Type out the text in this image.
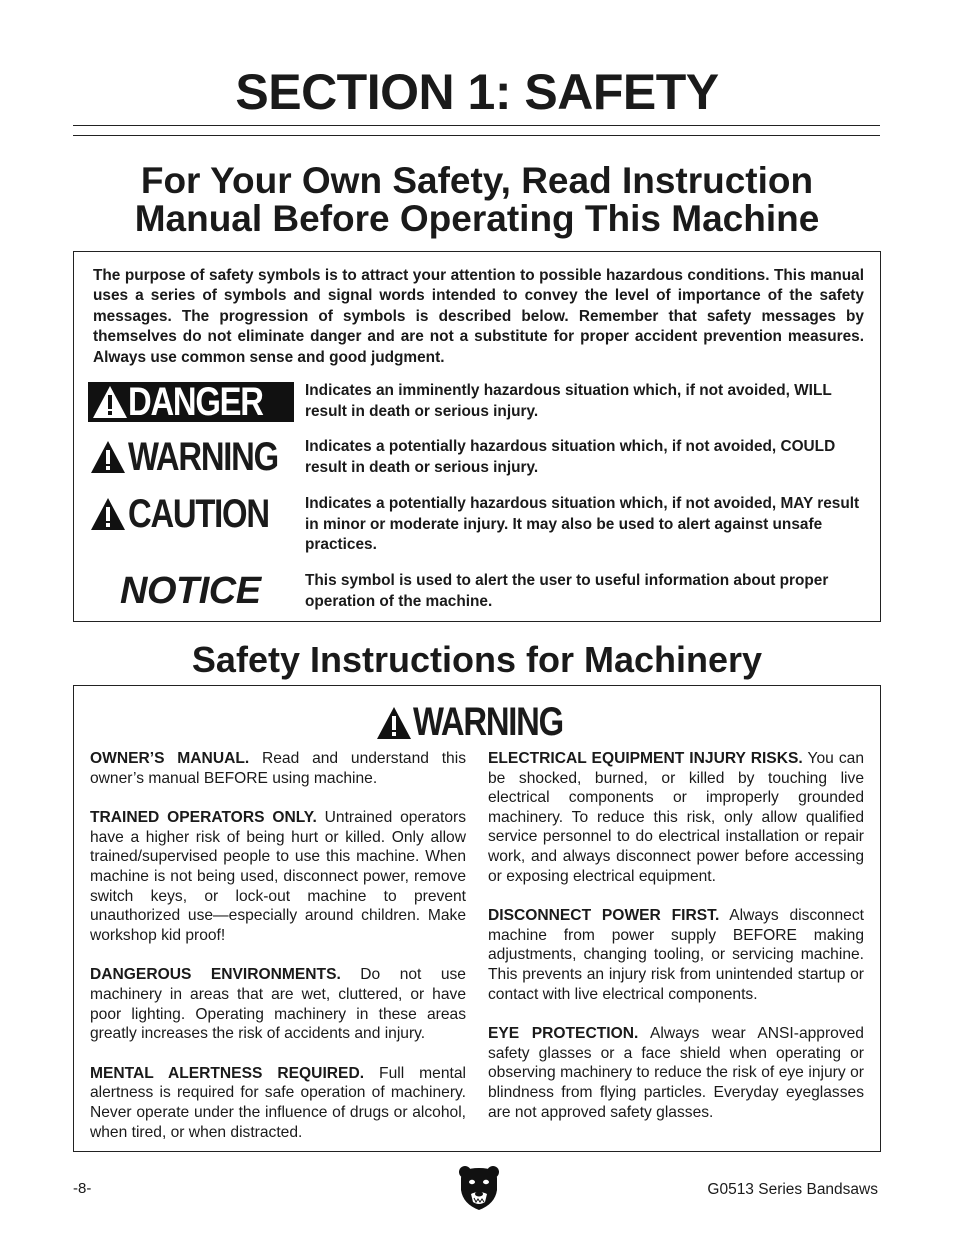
SECTION 1: SAFETY
For Your Own Safety, Read Instruction
Manual Before Operating This Machine
The purpose of safety symbols is to attract your attention to possible hazardous conditions. This manual uses a series of symbols and signal words intended to convey the level of importance of the safety messages. The progression of symbols is described below. Remember that safety messages by themselves do not eliminate danger and are not a substitute for proper accident prevention measures. Always use common sense and good judgment.
DANGER	Indicates an imminently hazardous situation which, if not avoided, WILL result in death or serious injury.
WARNING Indicates a potentially hazardous situation which, if not avoided, COULD result in death or serious injury.
CAUTION Indicates a potentially hazardous situation which, if not avoided, MAY result in minor or moderate injury. It may also be used to alert against unsafe practices.
NOTICE	This symbol is used to alert the user to useful information about proper operation of the machine.
Safety Instructions for Machinery
WARNING

OWNER’S MANUAL. Read and understand this owner’s manual BEFORE using machine.

TRAINED OPERATORS ONLY. Untrained operators have a higher risk of being hurt or killed. Only allow trained/supervised people to use this machine. When machine is not being used, disconnect power, remove switch keys, or lock-out machine to prevent unauthorized use—especially around children. Make workshop kid proof!

DANGEROUS ENVIRONMENTS. Do not use machinery in areas that are wet, cluttered, or have poor lighting. Operating machinery in these areas greatly increases the risk of accidents and injury.

MENTAL ALERTNESS REQUIRED. Full mental alertness is required for safe operation of machinery. Never operate under the influence of drugs or alcohol, when tired, or when distracted.

ELECTRICAL EQUIPMENT INJURY RISKS. You can be shocked, burned, or killed by touching live electrical components or improperly grounded machinery. To reduce this risk, only allow qualified service personnel to do electrical installation or repair work, and always disconnect power before accessing or exposing electrical equipment.

DISCONNECT POWER FIRST. Always disconnect machine from power supply BEFORE making adjustments, changing tooling, or servicing machine. This prevents an injury risk from unintended startup or contact with live electrical components.

EYE PROTECTION. Always wear ANSI-approved safety glasses or a face shield when operating or observing machinery to reduce the risk of eye injury or blindness from flying particles. Everyday eyeglasses are not approved safety glasses.

-8-	G0513 Series Bandsaws
